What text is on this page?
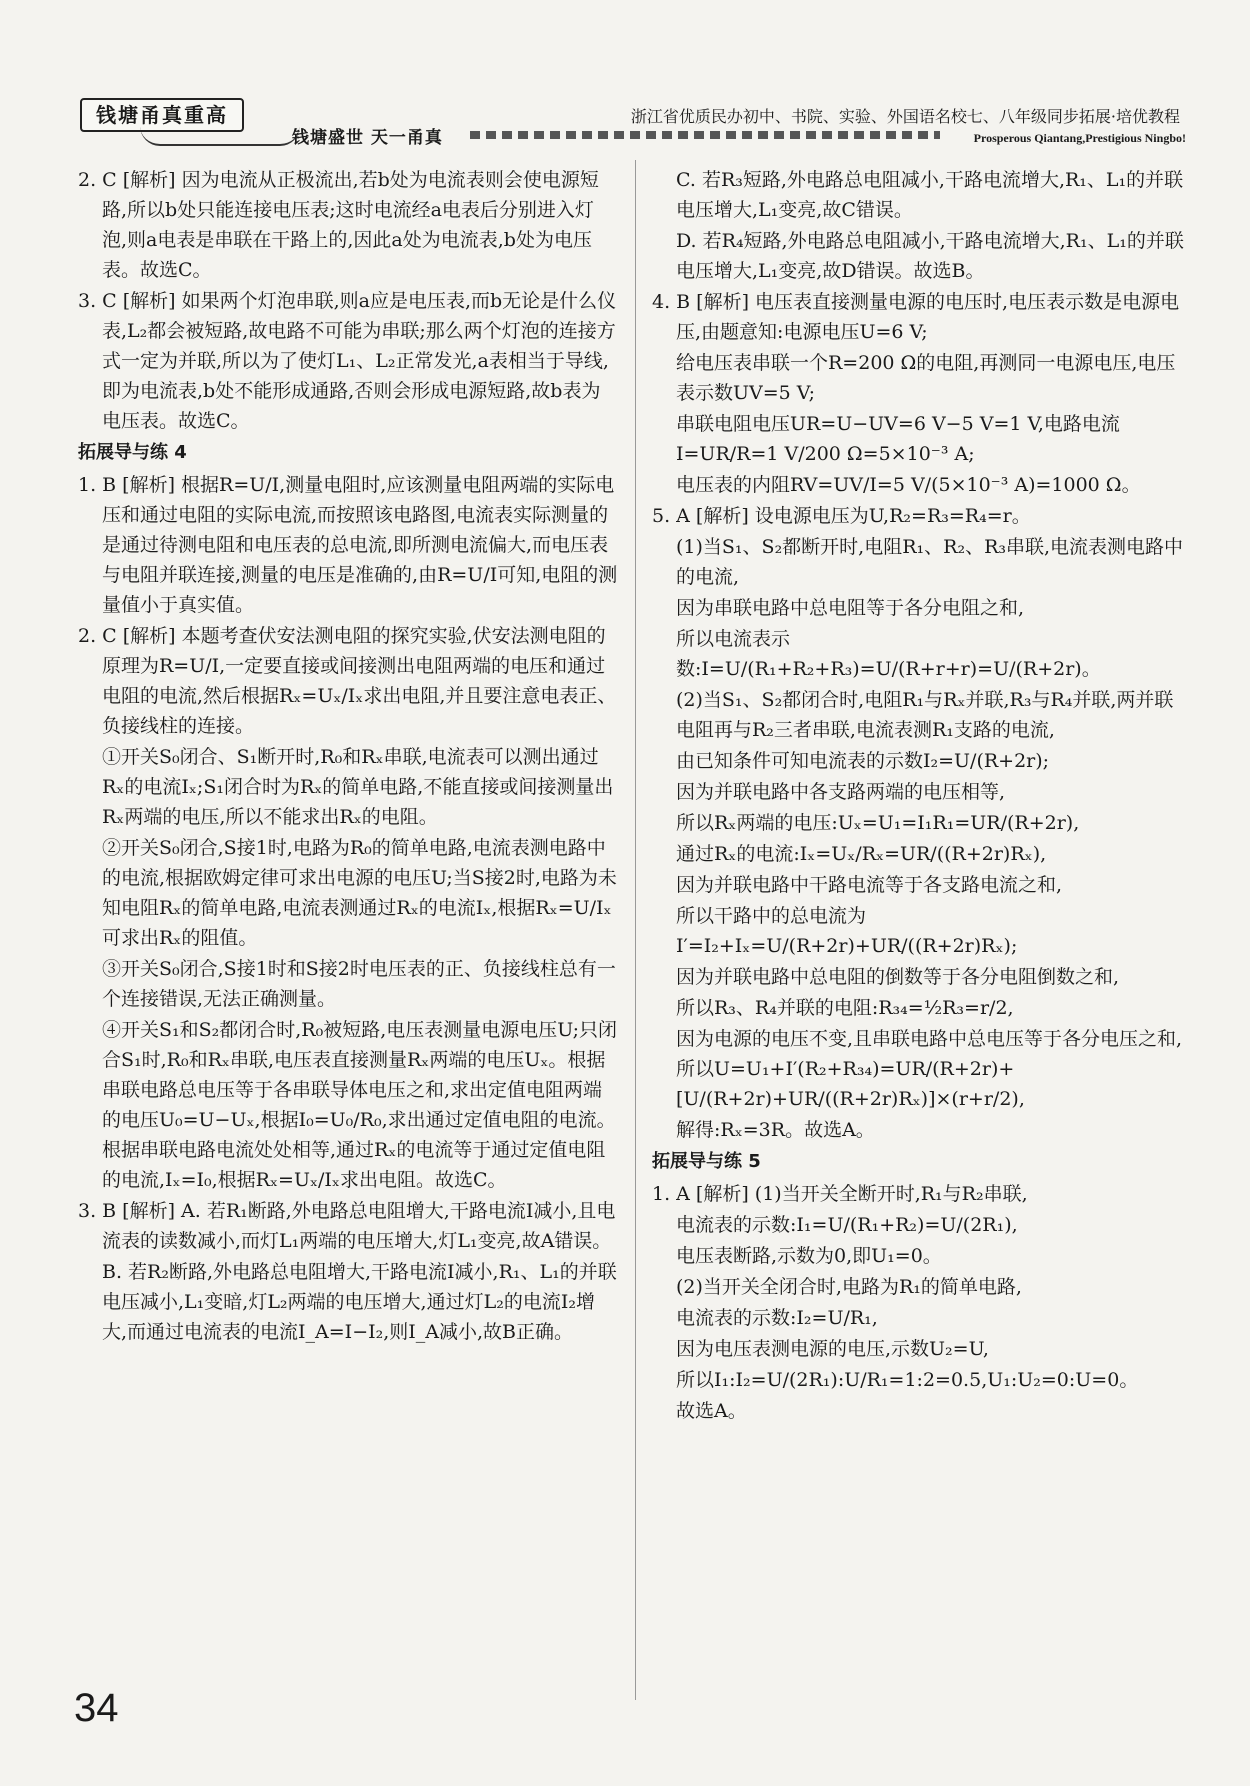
钱塘甬真重高
钱塘盛世 天一甬真
浙江省优质民办初中、书院、实验、外国语名校七、八年级同步拓展·培优教程
Prosperous Qiantang,Prestigious Ningbo!

2. C [解析] 因为电流从正极流出,若b处为电流表则会使电源短路,所以b处只能连接电压表;这时电流经a电表后分别进入灯泡,则a电表是串联在干路上的,因此a处为电流表,b处为电压表。故选C。

3. C [解析] 如果两个灯泡串联,则a应是电压表,而b无论是什么仪表,L₂都会被短路,故电路不可能为串联;那么两个灯泡的连接方式一定为并联,所以为了使灯L₁、L₂正常发光,a表相当于导线,即为电流表,b处不能形成通路,否则会形成电源短路,故b表为电压表。故选C。

拓展导与练 4

1. B [解析] 根据R=U/I,测量电阻时,应该测量电阻两端的实际电压和通过电阻的实际电流,而按照该电路图,电流表实际测量的是通过待测电阻和电压表的总电流,即所测电流偏大,而电压表与电阻并联连接,测量的电压是准确的,由R=U/I可知,电阻的测量值小于真实值。

2. C [解析] 本题考查伏安法测电阻的探究实验,伏安法测电阻的原理为R=U/I,一定要直接或间接测出电阻两端的电压和通过电阻的电流,然后根据Rₓ=Uₓ/Iₓ求出电阻,并且要注意电表正、负接线柱的连接。

①开关S₀闭合、S₁断开时,R₀和Rₓ串联,电流表可以测出通过Rₓ的电流Iₓ;S₁闭合时为Rₓ的简单电路,不能直接或间接测量出Rₓ两端的电压,所以不能求出Rₓ的电阻。

②开关S₀闭合,S接1时,电路为R₀的简单电路,电流表测电路中的电流,根据欧姆定律可求出电源的电压U;当S接2时,电路为未知电阻Rₓ的简单电路,电流表测通过Rₓ的电流Iₓ,根据Rₓ=U/Iₓ可求出Rₓ的阻值。

③开关S₀闭合,S接1时和S接2时电压表的正、负接线柱总有一个连接错误,无法正确测量。

④开关S₁和S₂都闭合时,R₀被短路,电压表测量电源电压U;只闭合S₁时,R₀和Rₓ串联,电压表直接测量Rₓ两端的电压Uₓ。根据串联电路总电压等于各串联导体电压之和,求出定值电阻两端的电压U₀=U−Uₓ,根据I₀=U₀/R₀,求出通过定值电阻的电流。根据串联电路电流处处相等,通过Rₓ的电流等于通过定值电阻的电流,Iₓ=I₀,根据Rₓ=Uₓ/Iₓ求出电阻。故选C。

3. B [解析] A. 若R₁断路,外电路总电阻增大,干路电流I减小,且电流表的读数减小,而灯L₁两端的电压增大,灯L₁变亮,故A错误。

B. 若R₂断路,外电路总电阻增大,干路电流I减小,R₁、L₁的并联电压减小,L₁变暗,灯L₂两端的电压增大,通过灯L₂的电流I₂增大,而通过电流表的电流I_A=I−I₂,则I_A减小,故B正确。

C. 若R₃短路,外电路总电阻减小,干路电流增大,R₁、L₁的并联电压增大,L₁变亮,故C错误。

D. 若R₄短路,外电路总电阻减小,干路电流增大,R₁、L₁的并联电压增大,L₁变亮,故D错误。故选B。

4. B [解析] 电压表直接测量电源的电压时,电压表示数是电源电压,由题意知:电源电压U=6 V;

给电压表串联一个R=200 Ω的电阻,再测同一电源电压,电压表示数UV=5 V;

串联电阻电压UR=U−UV=6 V−5 V=1 V,电路电流I=UR/R=1 V/200 Ω=5×10⁻³ A;

电压表的内阻RV=UV/I=5 V/(5×10⁻³ A)=1000 Ω。

5. A [解析] 设电源电压为U,R₂=R₃=R₄=r。

(1)当S₁、S₂都断开时,电阻R₁、R₂、R₃串联,电流表测电路中的电流,

因为串联电路中总电阻等于各分电阻之和,

所以电流表示数:I=U/(R₁+R₂+R₃)=U/(R+r+r)=U/(R+2r)。

(2)当S₁、S₂都闭合时,电阻R₁与Rₓ并联,R₃与R₄并联,两并联电阻再与R₂三者串联,电流表测R₁支路的电流,

由已知条件可知电流表的示数I₂=U/(R+2r);

因为并联电路中各支路两端的电压相等,

所以Rₓ两端的电压:Uₓ=U₁=I₁R₁=UR/(R+2r),

通过Rₓ的电流:Iₓ=Uₓ/Rₓ=UR/((R+2r)Rₓ),

因为并联电路中干路电流等于各支路电流之和,

所以干路中的总电流为I′=I₂+Iₓ=U/(R+2r)+UR/((R+2r)Rₓ);

因为并联电路中总电阻的倒数等于各分电阻倒数之和,

所以R₃、R₄并联的电阻:R₃₄=½R₃=r/2,

因为电源的电压不变,且串联电路中总电压等于各分电压之和,所以U=U₁+I′(R₂+R₃₄)=UR/(R+2r)+[U/(R+2r)+UR/((R+2r)Rₓ)]×(r+r/2),

解得:Rₓ=3R。故选A。

拓展导与练 5

1. A [解析] (1)当开关全断开时,R₁与R₂串联,

电流表的示数:I₁=U/(R₁+R₂)=U/(2R₁),

电压表断路,示数为0,即U₁=0。

(2)当开关全闭合时,电路为R₁的简单电路,

电流表的示数:I₂=U/R₁,

因为电压表测电源的电压,示数U₂=U,

所以I₁:I₂=U/(2R₁):U/R₁=1:2=0.5,U₁:U₂=0:U=0。

故选A。

34
